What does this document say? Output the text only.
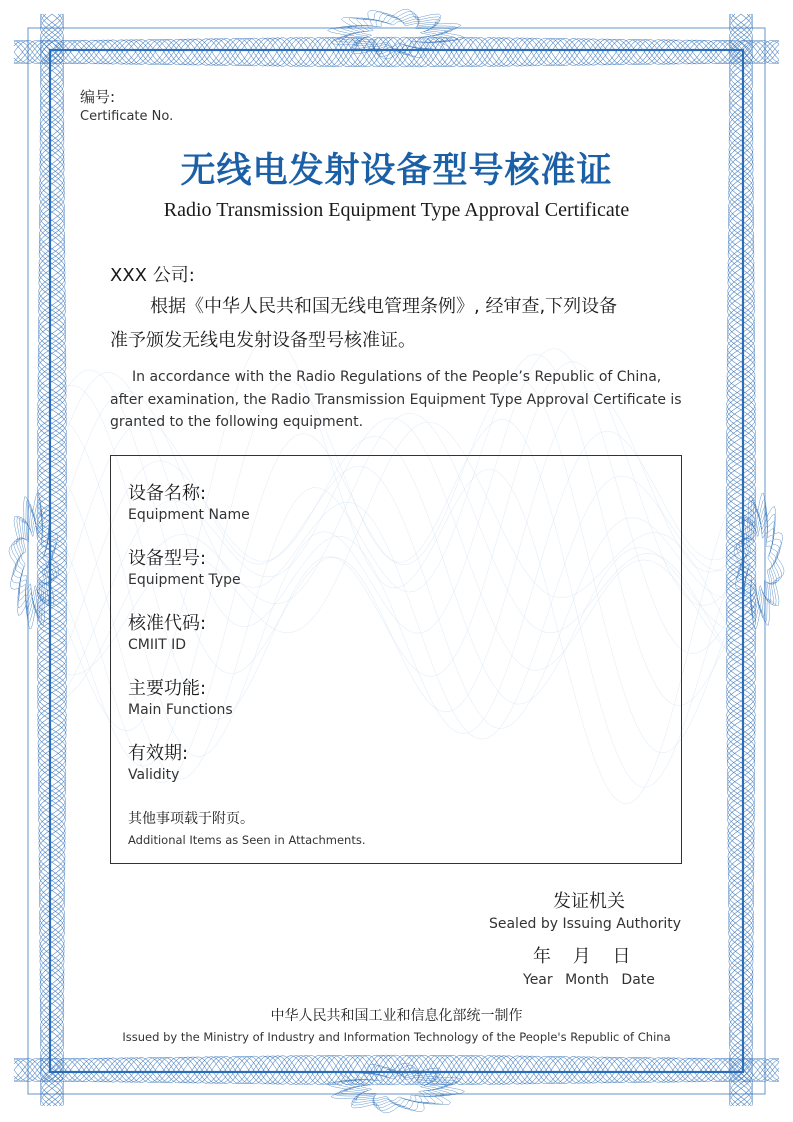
编号:

Certificate No.

无线电发射设备型号核准证

Radio Transmission Equipment Type Approval Certificate

XXX 公司:

根据《中华人民共和国无线电管理条例》, 经审查,下列设备

准予颁发无线电发射设备型号核准证。

In accordance with the Radio Regulations of the People’s Republic of China, after examination, the Radio Transmission Equipment Type Approval Certificate is granted to the following equipment.

设备名称:
Equipment Name
设备型号:
Equipment Type
核准代码:
CMIIT ID
主要功能:
Main Functions
有效期:
Validity
其他事项载于附页。
Additional Items as Seen in Attachments.

发证机关

Sealed by Issuing Authority

年 月 日

Year Month Date

中华人民共和国工业和信息化部统一制作

Issued by the Ministry of Industry and Information Technology of the People's Republic of China
